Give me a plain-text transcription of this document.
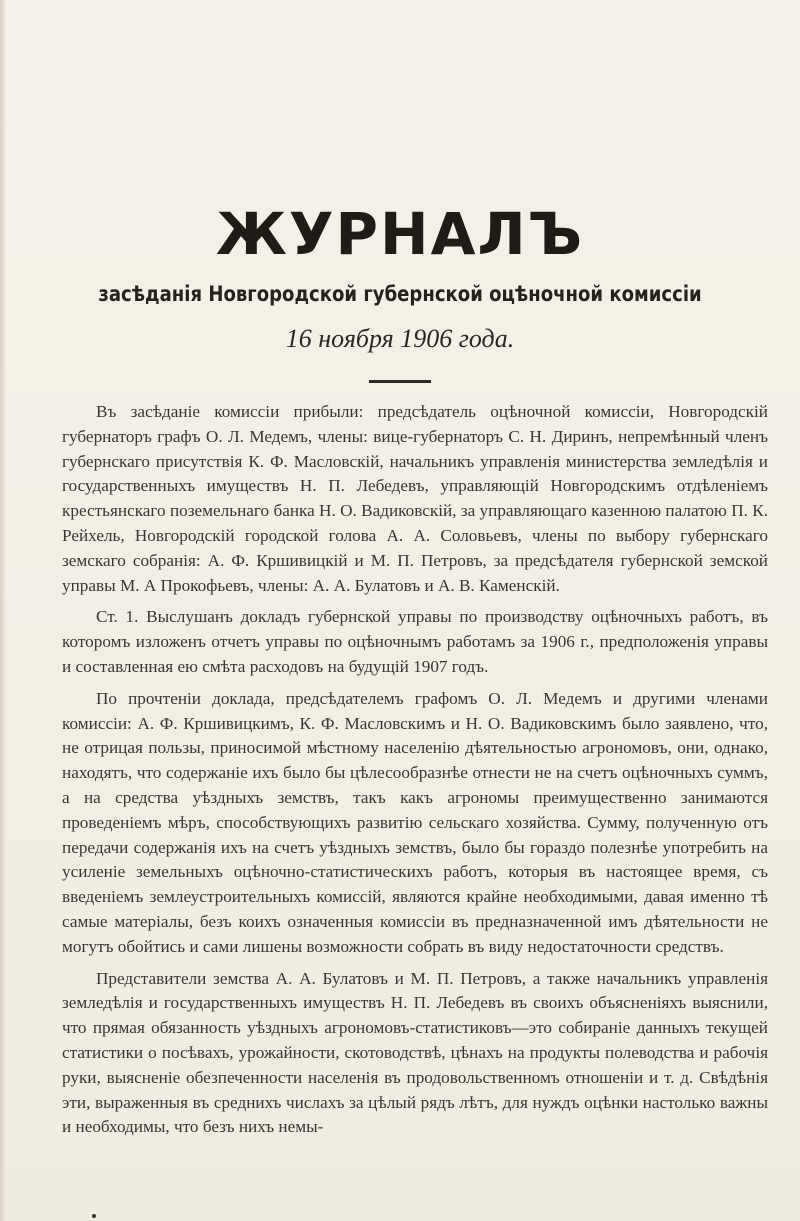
ЖУРНАЛЪ
засѣданія Новгородской губернской оцѣночной комиссіи
16 ноября 1906 года.

Въ засѣданіе комиссіи прибыли: предсѣдатель оцѣночной комиссіи, Новгородскій губернаторъ графъ О. Л. Медемъ, члены: вице-губернаторъ С. Н. Диринъ, непремѣнный членъ губернскаго присутствія К. Ф. Масловскій, начальникъ управленія министерства земледѣлія и государственныхъ имуществъ Н. П. Лебедевъ, управляющій Новгородскимъ отдѣленіемъ крестьянскаго поземельнаго банка Н. О. Вадиковскій, за управляющаго казенною палатою П. К. Рейхель, Новгородскій городской голова А. А. Соловьевъ, члены по выбору губернскаго земскаго собранія: А. Ф. Кршивицкій и М. П. Петровъ, за предсѣдателя губернской земской управы М. А Прокофьевъ, члены: А. А. Булатовъ и А. В. Каменскій.

Ст. 1. Выслушанъ докладъ губернской управы по производству оцѣночныхъ работъ, въ которомъ изложенъ отчетъ управы по оцѣночнымъ работамъ за 1906 г., предположенія управы и составленная ею смѣта расходовъ на будущій 1907 годъ.

По прочтеніи доклада, предсѣдателемъ графомъ О. Л. Медемъ и другими членами комиссіи: А. Ф. Кршивицкимъ, К. Ф. Масловскимъ и Н. О. Вадиковскимъ было заявлено, что, не отрицая пользы, приносимой мѣстному населенію дѣятельностью агрономовъ, они, однако, находятъ, что содержаніе ихъ было бы цѣлесообразнѣе отнести не на счетъ оцѣночныхъ суммъ, а на средства уѣздныхъ земствъ, такъ какъ агрономы преимущественно занимаются проведеніемъ мѣръ, способствующихъ развитію сельскаго хозяйства. Сумму, полученную отъ передачи содержанія ихъ на счетъ уѣздныхъ земствъ, было бы гораздо полезнѣе употребить на усиленіе земельныхъ оцѣночно-статистическихъ работъ, которыя въ настоящее время, съ введеніемъ землеустроительныхъ комиссій, являются крайне необходимыми, давая именно тѣ самые матеріалы, безъ коихъ означенныя комиссіи въ предназначенной имъ дѣятельности не могутъ обойтись и сами лишены возможности собрать въ виду недостаточности средствъ.

Представители земства А. А. Булатовъ и М. П. Петровъ, а также начальникъ управленія земледѣлія и государственныхъ имуществъ Н. П. Лебедевъ въ своихъ объясненіяхъ выяснили, что прямая обязанность уѣздныхъ агрономовъ-статистиковъ—это собираніе данныхъ текущей статистики о посѣвахъ, урожайности, скотоводствѣ, цѣнахъ на продукты полеводства и рабочія руки, выясненіе обезпеченности населенія въ продовольственномъ отношеніи и т. д. Свѣдѣнія эти, выраженныя въ среднихъ числахъ за цѣлый рядъ лѣтъ, для нуждъ оцѣнки настолько важны и необходимы, что безъ нихъ немы-
